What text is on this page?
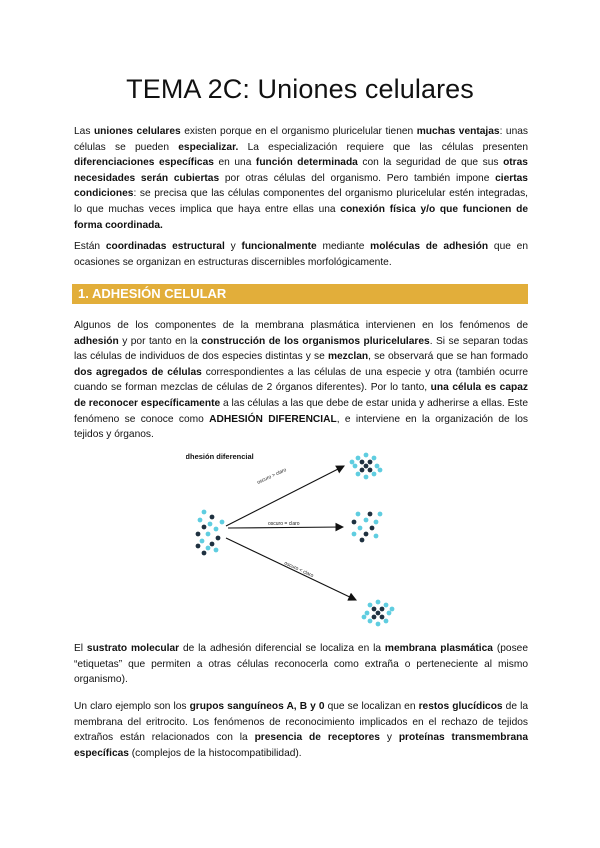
TEMA 2C: Uniones celulares

Las uniones celulares existen porque en el organismo pluricelular tienen muchas ventajas: unas células se pueden especializar. La especialización requiere que las células presenten diferenciaciones específicas en una función determinada con la seguridad de que sus otras necesidades serán cubiertas por otras células del organismo. Pero también impone ciertas condiciones: se precisa que las células componentes del organismo pluricelular estén integradas, lo que muchas veces implica que haya entre ellas una conexión física y/o que funcionen de forma coordinada.

Están coordinadas estructural y funcionalmente mediante moléculas de adhesión que en ocasiones se organizan en estructuras discernibles morfológicamente.

1. ADHESIÓN CELULAR

Algunos de los componentes de la membrana plasmática intervienen en los fenómenos de adhesión y por tanto en la construcción de los organismos pluricelulares. Si se separan todas las células de individuos de dos especies distintas y se mezclan, se observará que se han formado dos agregados de células correspondientes a las células de una especie y otra (también ocurre cuando se forman mezclas de células de 2 órganos diferentes). Por lo tanto, una célula es capaz de reconocer específicamente a las células a las que debe de estar unida y adherirse a ellas. Este fenómeno se conoce como ADHESIÓN DIFERENCIAL, e interviene en la organización de los tejidos y órganos.

Adhesión diferencial
oscuro > claro
oscuro = claro
oscuro < claro

El sustrato molecular de la adhesión diferencial se localiza en la membrana plasmática (posee “etiquetas” que permiten a otras células reconocerla como extraña o perteneciente al mismo organismo).

Un claro ejemplo son los grupos sanguíneos A, B y 0 que se localizan en restos glucídicos de la membrana del eritrocito. Los fenómenos de reconocimiento implicados en el rechazo de tejidos extraños están relacionados con la presencia de receptores y proteínas transmembrana específicas (complejos de la histocompatibilidad).
